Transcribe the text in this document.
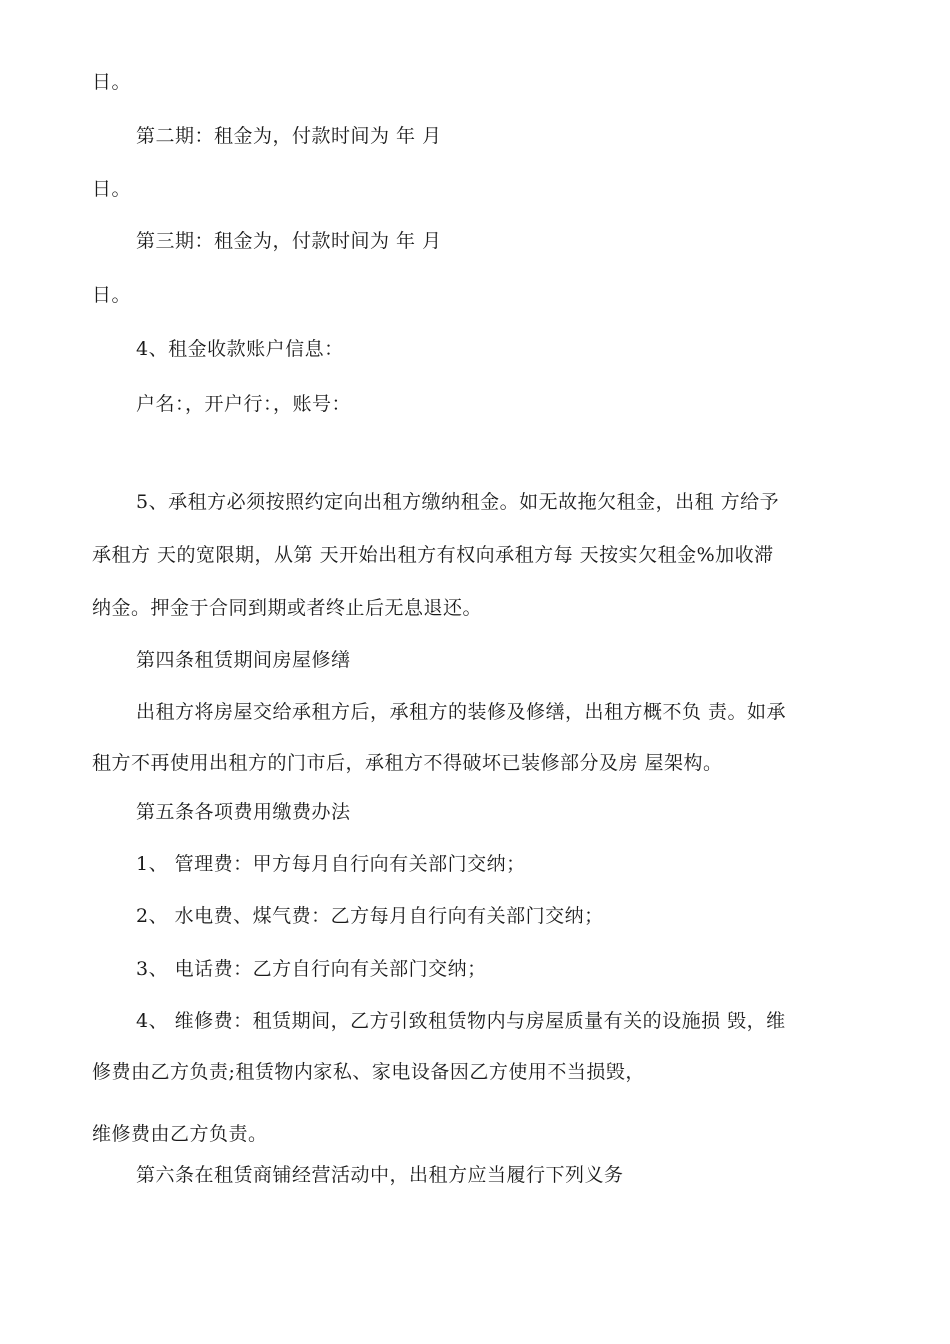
日。
第二期：租金为，付款时间为 年 月
日。
第三期：租金为，付款时间为 年 月
日。
4、租金收款账户信息：
户名：，开户行：，账号：
5、承租方必须按照约定向出租方缴纳租金。如无故拖欠租金，出租 方给予
承租方 天的宽限期，从第 天开始出租方有权向承租方每 天按实欠租金%加收滞
纳金。押金于合同到期或者终止后无息退还。
第四条租赁期间房屋修缮
出租方将房屋交给承租方后，承租方的装修及修缮，出租方概不负 责。如承
租方不再使用出租方的门市后，承租方不得破坏已装修部分及房 屋架构。
第五条各项费用缴费办法
1、 管理费：甲方每月自行向有关部门交纳；
2、 水电费、煤气费：乙方每月自行向有关部门交纳；
3、 电话费：乙方自行向有关部门交纳；
4、 维修费：租赁期间，乙方引致租赁物内与房屋质量有关的设施损 毁，维
修费由乙方负责;租赁物内家私、家电设备因乙方使用不当损毁，
维修费由乙方负责。
第六条在租赁商铺经营活动中，出租方应当履行下列义务
